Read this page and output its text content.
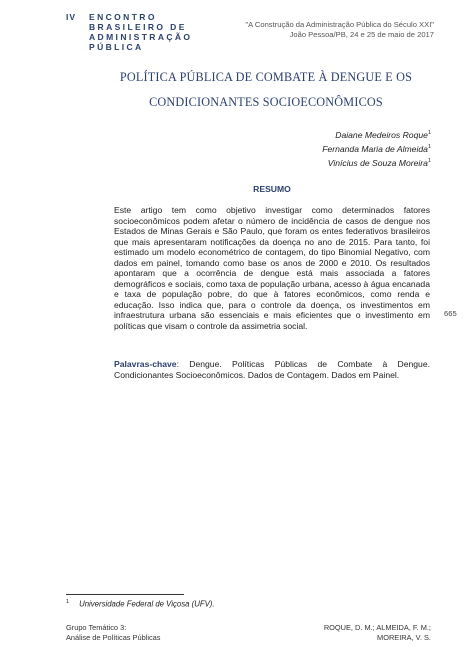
IV ENCONTRO
BRASILEIRO DE
ADMINISTRAÇÃO
PÚBLICA
"A Construção da Administração Pública do Século XXI"
João Pessoa/PB, 24 e 25 de maio de 2017
POLÍTICA PÚBLICA DE COMBATE À DENGUE E OS
CONDICIONANTES SOCIOECONÔMICOS
Daiane Medeiros Roque$^1$
Fernanda Maria de Almeida$^1$
Vinícius de Souza Moreira$^1$
RESUMO
Este artigo tem como objetivo investigar como determinados fatores socioeconômicos podem afetar o número de incidência de casos de dengue nos Estados de Minas Gerais e São Paulo, que foram os entes federativos brasileiros que mais apresentaram notificações da doença no ano de 2015. Para tanto, foi estimado um modelo econométrico de contagem, do tipo Binomial Negativo, com dados em painel, tomando como base os anos de 2000 e 2010. Os resultados apontaram que a ocorrência de dengue está mais associada a fatores demográficos e sociais, como taxa de população urbana, acesso à água encanada e taxa de população pobre, do que à fatores econômicos, como renda e educação. Isso indica que, para o controle da doença, os investimentos em infraestrutura urbana são essenciais e mais eficientes que o investimento em políticas que visam o controle da assimetria social.
Palavras-chave: Dengue. Políticas Públicas de Combate à Dengue. Condicionantes Socioeconômicos. Dados de Contagem. Dados em Painel.
665
$^1$ Universidade Federal de Viçosa (UFV).
Grupo Temático 3:
Análise de Políticas Públicas
ROQUE, D. M.; ALMEIDA, F. M.;
MOREIRA, V. S.
